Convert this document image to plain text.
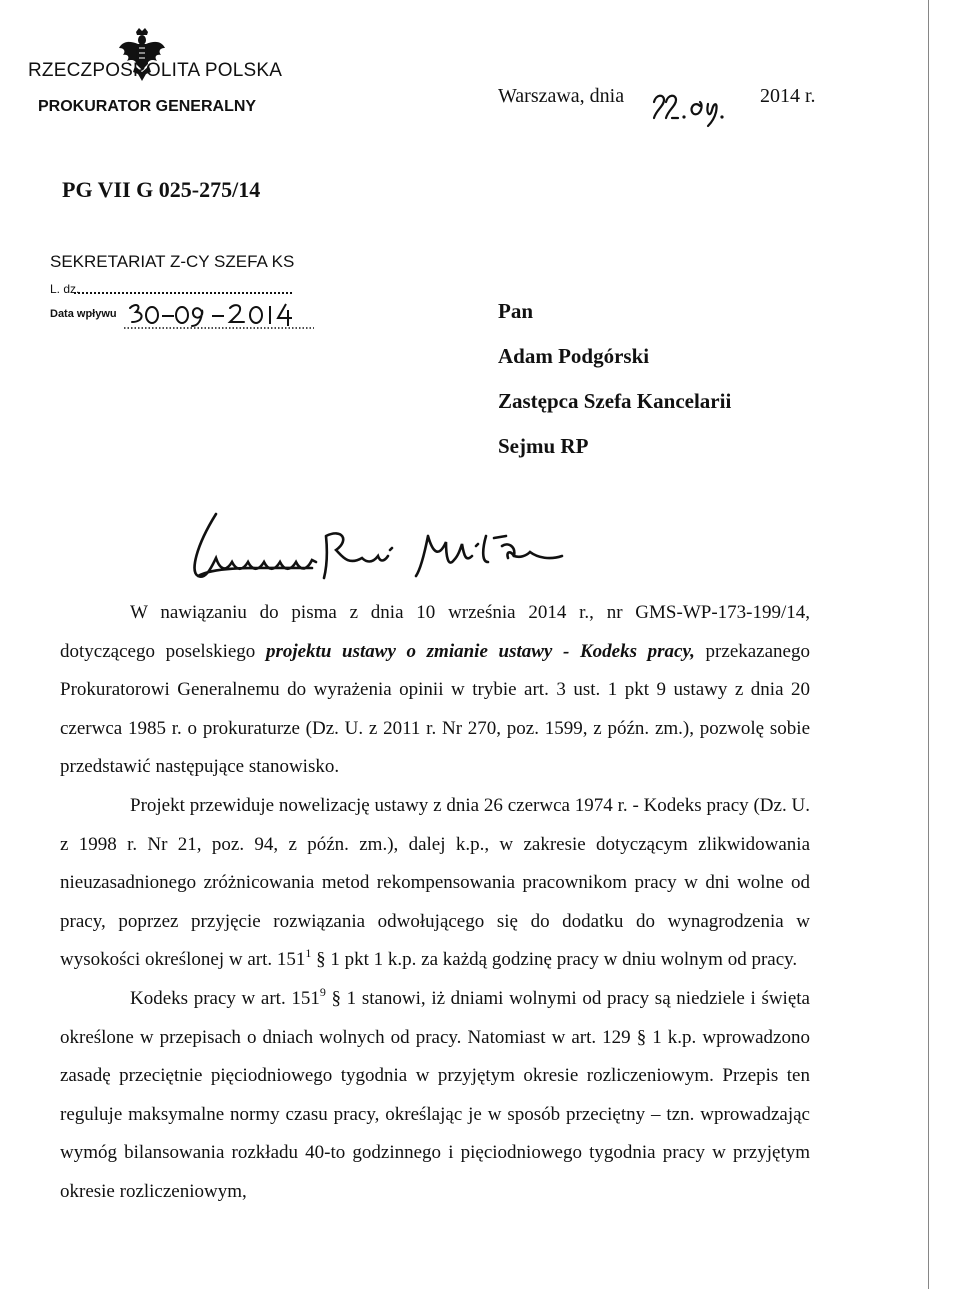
RZECZPOSPOLITA POLSKA
PROKURATOR GENERALNY	Warszawa, dnia	2014 r.
PG VII G 025-275/14
SEKRETARIAT Z-CY SZEFA KS
L. dz.
Data wpływu	Pan
Adam Podgórski
Zastępca Szefa Kancelarii
Sejmu RP

W nawiązaniu do pisma z dnia 10 września 2014 r., nr GMS-WP-173-199/14, dotyczącego poselskiego projektu ustawy o zmianie ustawy - Kodeks pracy, przekazanego Prokuratorowi Generalnemu do wyrażenia opinii w trybie art. 3 ust. 1 pkt 9 ustawy z dnia 20 czerwca 1985 r. o prokuraturze (Dz. U. z 2011 r. Nr 270, poz. 1599, z późn. zm.), pozwolę sobie przedstawić następujące stanowisko.

Projekt przewiduje nowelizację ustawy z dnia 26 czerwca 1974 r. - Kodeks pracy (Dz. U. z 1998 r. Nr 21, poz. 94, z późn. zm.), dalej k.p., w zakresie dotyczącym zlikwidowania nieuzasadnionego zróżnicowania metod rekompensowania pracownikom pracy w dni wolne od pracy, poprzez przyjęcie rozwiązania odwołującego się do dodatku do wynagrodzenia w wysokości określonej w art. $151^1$ § 1 pkt 1 k.p. za każdą godzinę pracy w dniu wolnym od pracy.

Kodeks pracy w art. $151^9$ § 1 stanowi, iż dniami wolnymi od pracy są niedziele i święta określone w przepisach o dniach wolnych od pracy. Natomiast w art. 129 § 1 k.p. wprowadzono zasadę przeciętnie pięciodniowego tygodnia w przyjętym okresie rozliczeniowym. Przepis ten reguluje maksymalne normy czasu pracy, określając je w sposób przeciętny – tzn. wprowadzając wymóg bilansowania rozkładu 40-to godzinnego i pięciodniowego tygodnia pracy w przyjętym okresie rozliczeniowym,
